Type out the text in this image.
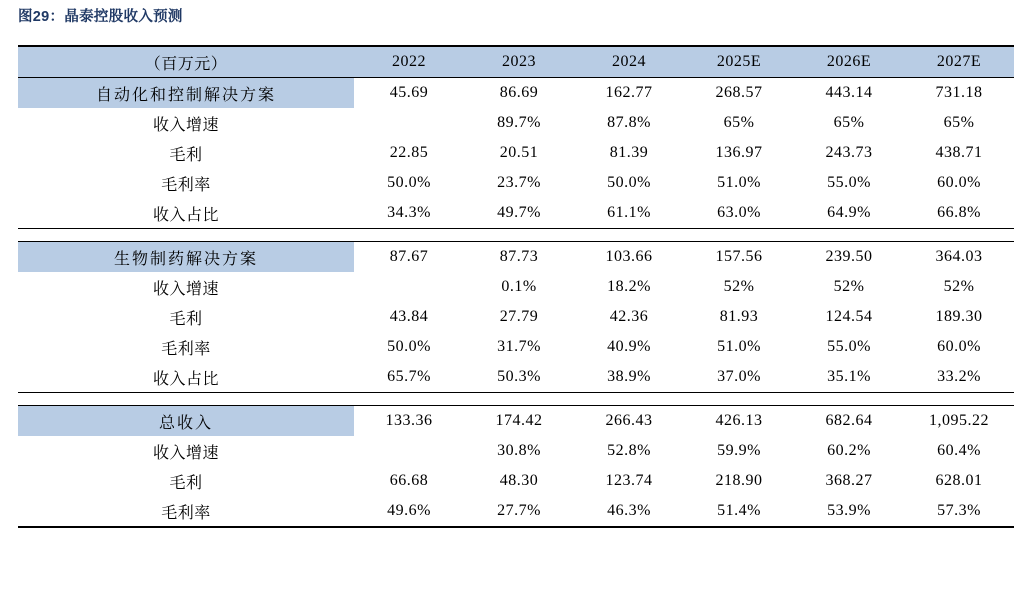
图29：晶泰控股收入预测
（百万元）	2022	2023	2024	2025E	2026E	2027E
自动化和控制解决方案	45.69	86.69	162.77	268.57	443.14	731.18
收入增速		89.7%	87.8%	65%	65%	65%
毛利	22.85	20.51	81.39	136.97	243.73	438.71
毛利率	50.0%	23.7%	50.0%	51.0%	55.0%	60.0%
收入占比	34.3%	49.7%	61.1%	63.0%	64.9%	66.8%

生物制药解决方案	87.67	87.73	103.66	157.56	239.50	364.03
收入增速		0.1%	18.2%	52%	52%	52%
毛利	43.84	27.79	42.36	81.93	124.54	189.30
毛利率	50.0%	31.7%	40.9%	51.0%	55.0%	60.0%
收入占比	65.7%	50.3%	38.9%	37.0%	35.1%	33.2%

总收入	133.36	174.42	266.43	426.13	682.64	1,095.22
收入增速		30.8%	52.8%	59.9%	60.2%	60.4%
毛利	66.68	48.30	123.74	218.90	368.27	628.01
毛利率	49.6%	27.7%	46.3%	51.4%	53.9%	57.3%
